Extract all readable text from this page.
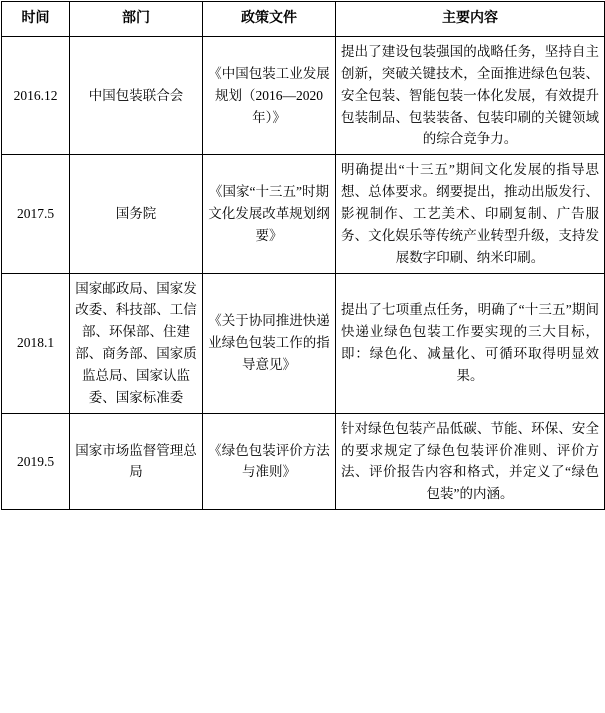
时间	部门	政策文件	主要内容
2016.12	中国包装联合会	《中国包装工业发展规划（2016—2020年）》	提出了建设包装强国的战略任务，坚持自主创新，突破关键技术，全面推进绿色包装、安全包装、智能包装一体化发展，有效提升包装制品、包装装备、包装印刷的关键领域的综合竞争力。
2017.5	国务院	《国家“十三五”时期文化发展改革规划纲要》	明确提出“十三五”期间文化发展的指导思想、总体要求。纲要提出，推动出版发行、影视制作、工艺美术、印刷复制、广告服务、文化娱乐等传统产业转型升级，支持发展数字印刷、纳米印刷。
2018.1	国家邮政局、国家发改委、科技部、工信部、环保部、住建部、商务部、国家质监总局、国家认监委、国家标准委	《关于协同推进快递业绿色包装工作的指导意见》	提出了七项重点任务，明确了“十三五”期间快递业绿色包装工作要实现的三大目标，即：绿色化、减量化、可循环取得明显效果。
2019.5	国家市场监督管理总局	《绿色包装评价方法与准则》	针对绿色包装产品低碳、节能、环保、安全的要求规定了绿色包装评价准则、评价方法、评价报告内容和格式，并定义了“绿色包装”的内涵。
